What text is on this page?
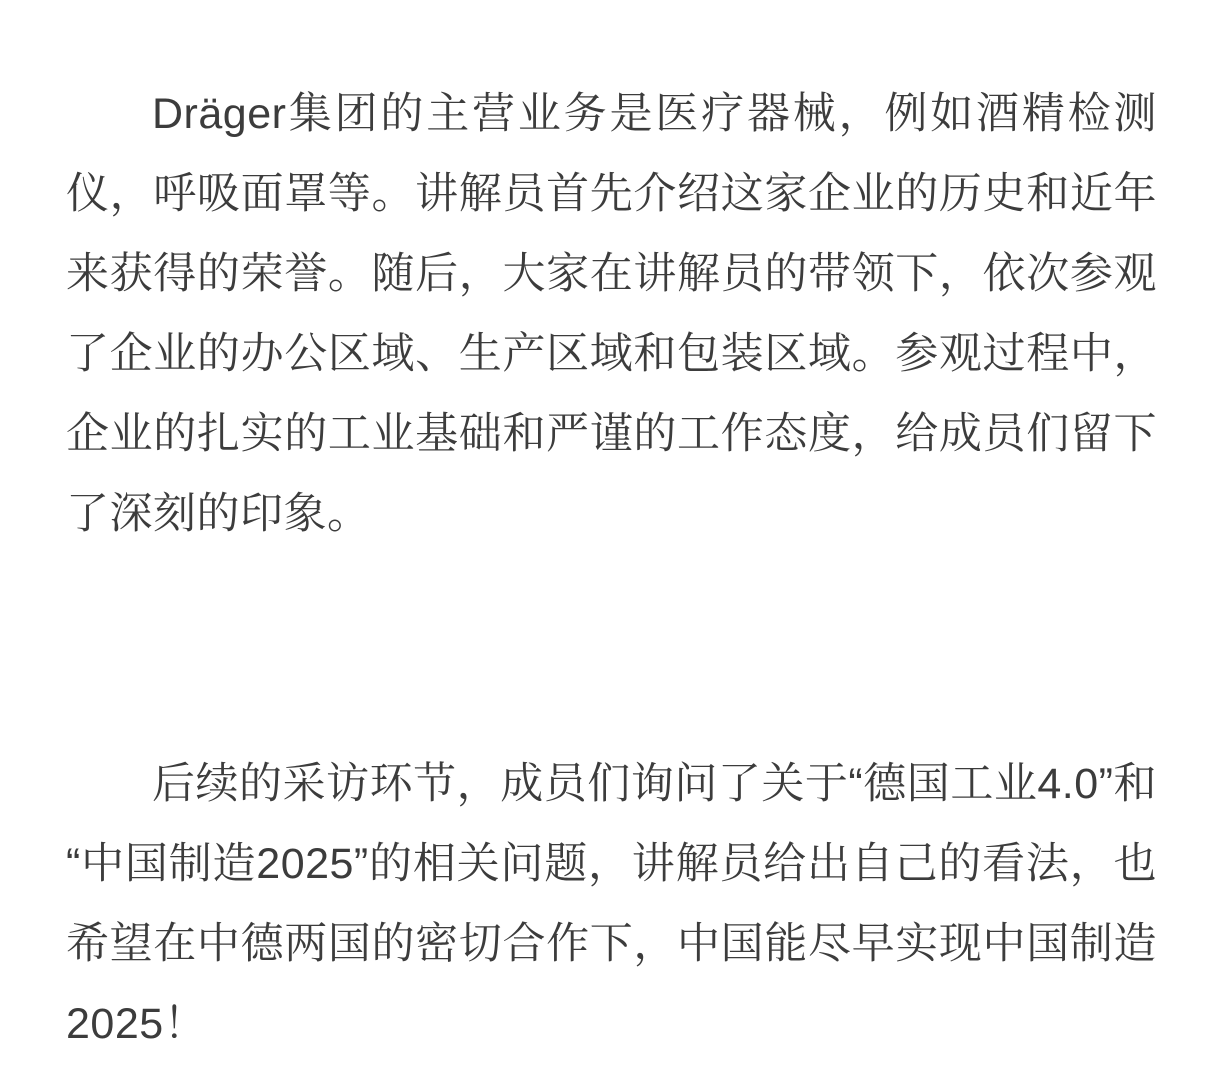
Dräger集团的主营业务是医疗器械，例如酒精检测仪，呼吸面罩等。讲解员首先介绍这家企业的历史和近年来获得的荣誉。随后，大家在讲解员的带领下，依次参观了企业的办公区域、生产区域和包装区域。参观过程中，企业的扎实的工业基础和严谨的工作态度，给成员们留下了深刻的印象。

后续的采访环节，成员们询问了关于“德国工业4.0”和“中国制造2025”的相关问题，讲解员给出自己的看法，也希望在中德两国的密切合作下，中国能尽早实现中国制造2025！
